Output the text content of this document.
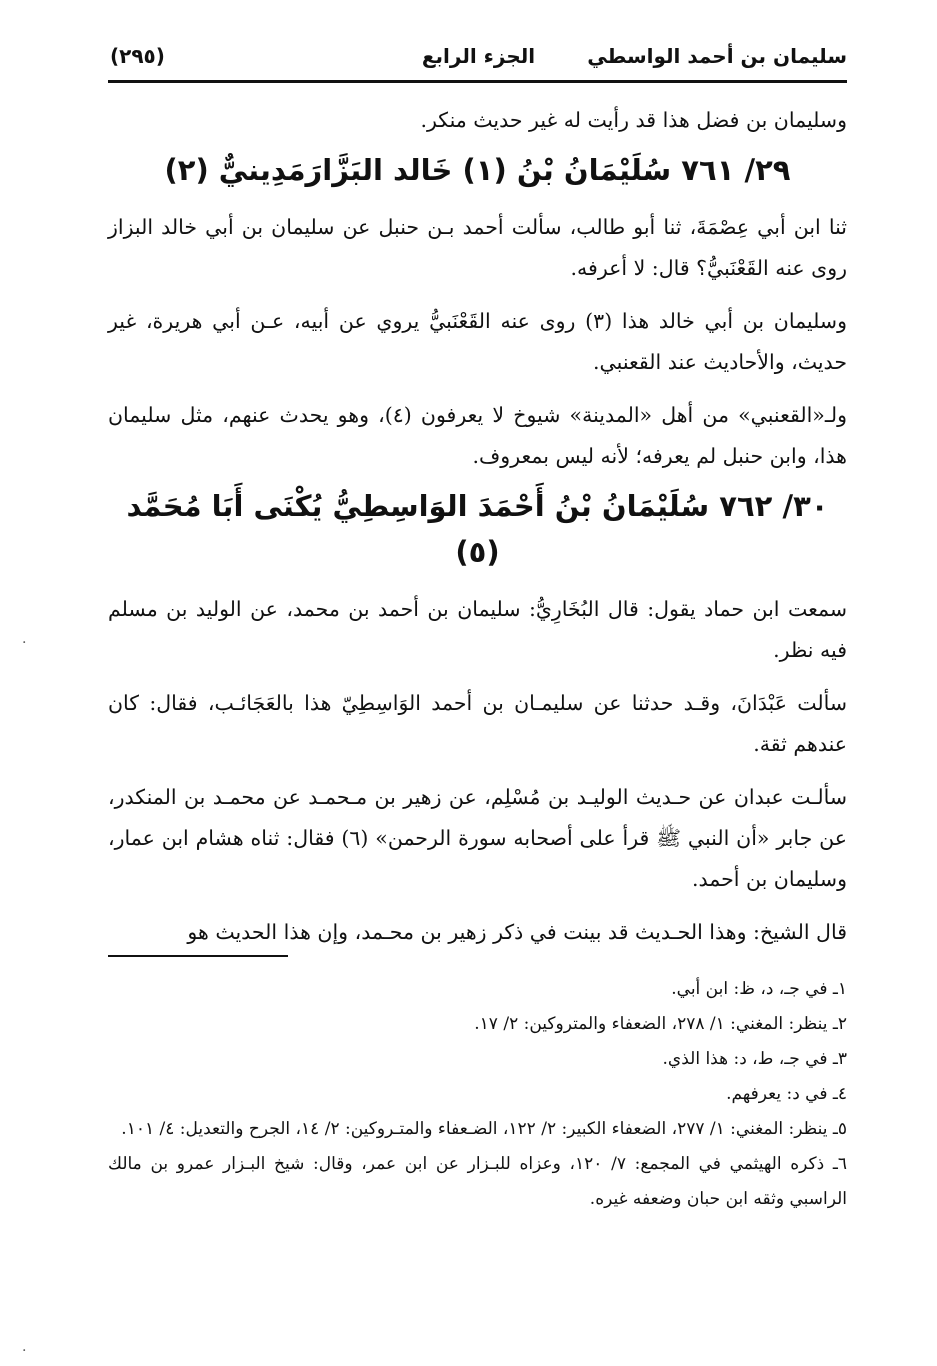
سليمان بن أحمد الواسطي
الجزء الرابع
(٢٩٥)

وسليمان بن فضل هذا قد رأيت له غير حديث منكر.

٢٩/ ٧٦١ سُلَيْمَانُ بْنُ (١) خَالد البَزَّارَمَدِينيٌّ (٢)

ثنا ابن أبي عِصْمَةَ، ثنا أبو طالب، سألت أحمد بـن حنبل عن سليمان بن أبي خالد البزاز روى عنه القَعْنَبيُّ؟ قال: لا أعرفه.

وسليمان بن أبي خالد هذا (٣) روى عنه القَعْنَبيُّ يروي عن أبيه، عـن أبي هريرة، غير حديث، والأحاديث عند القعنبي.

ولـ«القعنبي» من أهل «المدينة» شيوخ لا يعرفون (٤)، وهو يحدث عنهم، مثل سليمان هذا، وابن حنبل لم يعرفه؛ لأنه ليس بمعروف.

٣٠/ ٧٦٢ سُلَيْمَانُ بْنُ أَحْمَدَ الوَاسِطِيُّ يُكْنَى أَبَا مُحَمَّد (٥)

سمعت ابن حماد يقول: قال البُخَارِيُّ: سليمان بن أحمد بن محمد، عن الوليد بن مسلم فيه نظر.

سألت عَبْدَانَ، وقـد حدثنا عن سليمـان بن أحمد الوَاسِطِيّ هذا بالعَجَائـب، فقال: كان عندهم ثقة.

سألـت عبدان عن حـديث الوليـد بن مُسْلِم، عن زهير بن مـحمـد عن محمـد بن المنكدر، عن جابر «أن النبي ﷺ قرأ على أصحابه سورة الرحمن» (٦) فقال: ثناه هشام ابن عمار، وسليمان بن أحمد.

قال الشيخ: وهذا الحـديث قد بينت في ذكر زهير بن محـمد، وإن هذا الحديث هو

١ـ في جـ، د، ظ: ابن أبي.

٢ـ ينظر: المغني: ١/ ٢٧٨، الضعفاء والمتروكين: ٢/ ١٧.

٣ـ في جـ، ط، د: هذا الذي.

٤ـ في د: يعرفهم.

٥ـ ينظر: المغني: ١/ ٢٧٧، الضعفاء الكبير: ٢/ ١٢٢، الضـعفاء والمتـروكين: ٢/ ١٤، الجرح والتعديل: ٤/ ١٠١.

٦ـ ذكره الهيثمي في المجمع: ٧/ ١٢٠، وعزاه للبـزار عن ابن عمر، وقال: شيخ البـزار عمرو بن مالك الراسبي وثقه ابن حبان وضعفه غيره.

.
.
